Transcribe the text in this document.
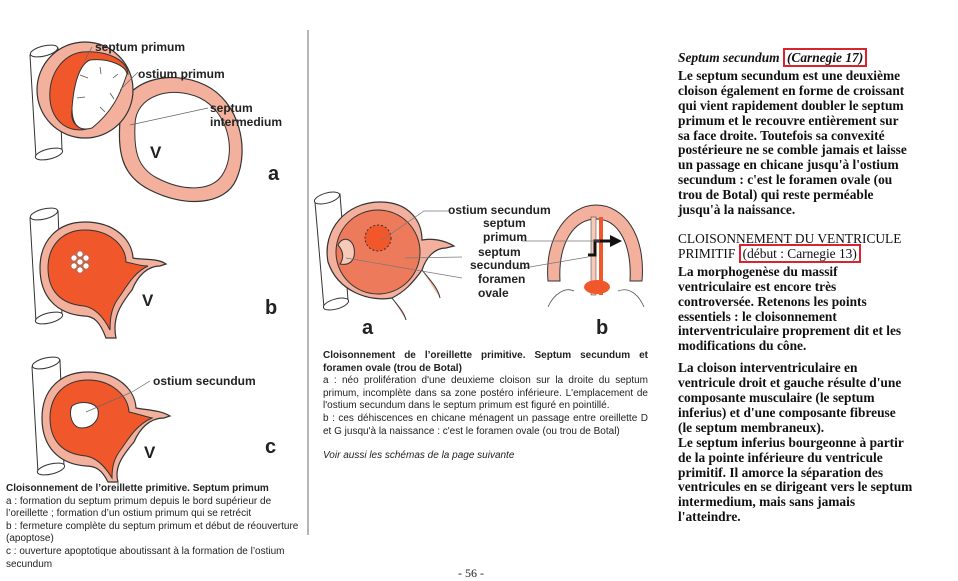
septum primum
ostium primum
septum
intermedium
V
a
V	b
ostium secundum
V	c
Cloisonnement de l’oreillette primitive. Septum primum
a : formation du septum primum depuis le bord supérieur de l’oreillette ; formation d’un ostium primum qui se retrécit
b : fermeture complète du septum primum et début de réouverture (apoptose)
c : ouverture apoptotique aboutissant à la formation de l’ostium secundum
ostium secundum
septum
primum
septum
secundum
foramen
ovale
a	b
Cloisonnement de l’oreillette primitive. Septum secundum et foramen ovale (trou de Botal)
a : néo prolifération d'une deuxieme cloison sur la droite du septum primum, incomplète dans sa zone postéro inférieure. L'emplacement de l'ostium secundum dans le septum primum est figuré en pointillé.
b : ces déhiscences en chicane ménagent un passage entre oreillette D et G jusqu'à la naissance : c'est le foramen ovale (ou trou de Botal)
Voir aussi les schémas de la page suivante
Septum secundum (Carnegie 17)
Le septum secundum est une deuxième cloison également en forme de croissant qui vient rapidement doubler le septum primum et le recouvre entièrement sur sa face droite. Toutefois sa convexité postérieure ne se comble jamais et laisse un passage en chicane jusqu'à l'ostium secundum : c'est le foramen ovale (ou trou de Botal) qui reste perméable jusqu'à la naissance.
CLOISONNEMENT DU VENTRICULE PRIMITIF (début : Carnegie 13)
La morphogenèse du massif ventriculaire est encore très controversée. Retenons les points essentiels : le cloisonnement interventriculaire proprement dit et les modifications du cône.
La cloison interventriculaire en ventricule droit et gauche résulte d'une composante musculaire (le septum inferius) et d'une composante fibreuse (le septum membraneux).
Le septum inferius bourgeonne à partir de la pointe inférieure du ventricule primitif. Il amorce la séparation des ventricules en se dirigeant vers le septum intermedium, mais sans jamais l'atteindre.
- 56 -
